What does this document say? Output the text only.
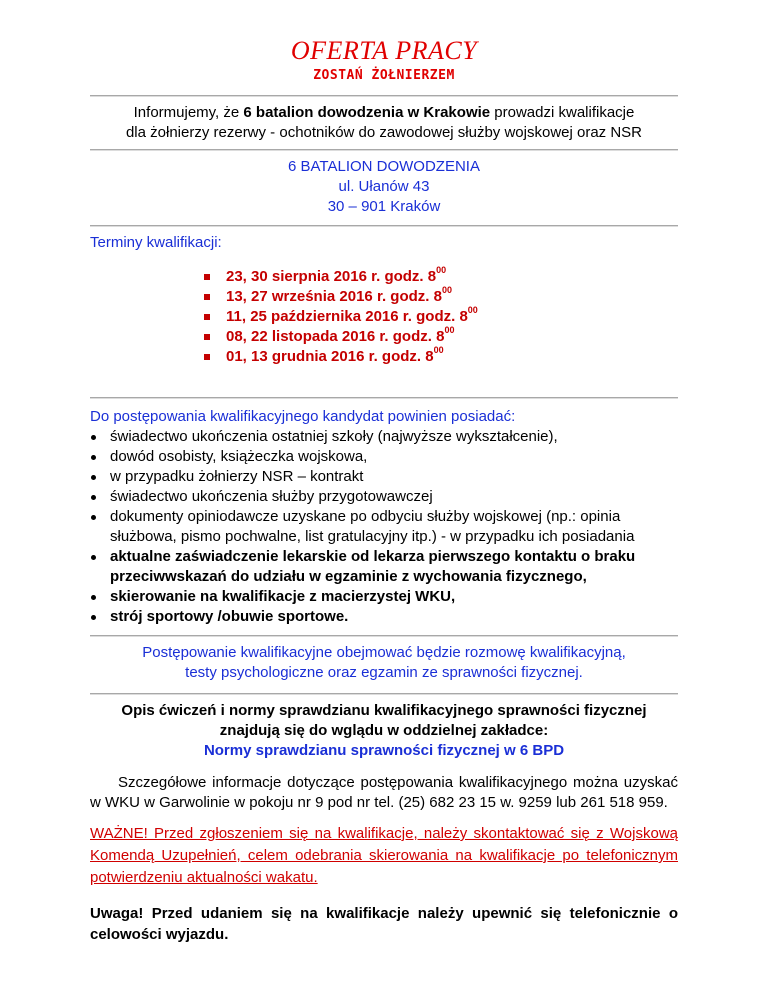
OFERTA PRACY
ZOSTAŃ ŻOŁNIERZEM
Informujemy, że 6 batalion dowodzenia w Krakowie prowadzi kwalifikacje
dla żołnierzy rezerwy - ochotników do zawodowej służby wojskowej oraz NSR
6 BATALION DOWODZENIA
ul. Ułanów 43
30 – 901 Kraków
Terminy kwalifikacji:
23, 30 sierpnia 2016 r. godz. $8^{00}$
13, 27 września 2016 r. godz. $8^{00}$
11, 25 października 2016 r. godz. $8^{00}$
08, 22 listopada 2016 r. godz. $8^{00}$
01, 13 grudnia 2016 r. godz. $8^{00}$
Do postępowania kwalifikacyjnego kandydat powinien posiadać:
świadectwo ukończenia ostatniej szkoły (najwyższe wykształcenie),
dowód osobisty, książeczka wojskowa,
w przypadku żołnierzy NSR – kontrakt
świadectwo ukończenia służby przygotowawczej
dokumenty opiniodawcze uzyskane po odbyciu służby wojskowej (np.: opinia służbowa, pismo pochwalne, list gratulacyjny itp.) - w przypadku ich posiadania
aktualne zaświadczenie lekarskie od lekarza pierwszego kontaktu o braku przeciwwskazań do udziału w egzaminie z wychowania fizycznego,
skierowanie na kwalifikacje z macierzystej WKU,
strój sportowy /obuwie sportowe.
Postępowanie kwalifikacyjne obejmować będzie rozmowę kwalifikacyjną,
testy psychologiczne oraz egzamin ze sprawności fizycznej.
Opis ćwiczeń i normy sprawdzianu kwalifikacyjnego sprawności fizycznej
znajdują się do wglądu w oddzielnej zakładce:
Normy sprawdzianu sprawności fizycznej w 6 BPD
Szczegółowe informacje dotyczące postępowania kwalifikacyjnego można uzyskać w WKU w Garwolinie w pokoju nr 9 pod nr tel. (25) 682 23 15 w. 9259 lub 261 518 959.
WAŻNE! Przed zgłoszeniem się na kwalifikacje, należy skontaktować się z Wojskową Komendą Uzupełnień, celem odebrania skierowania na kwalifikacje po telefonicznym potwierdzeniu aktualności wakatu.
Uwaga! Przed udaniem się na kwalifikacje należy upewnić się telefonicznie o celowości wyjazdu.
